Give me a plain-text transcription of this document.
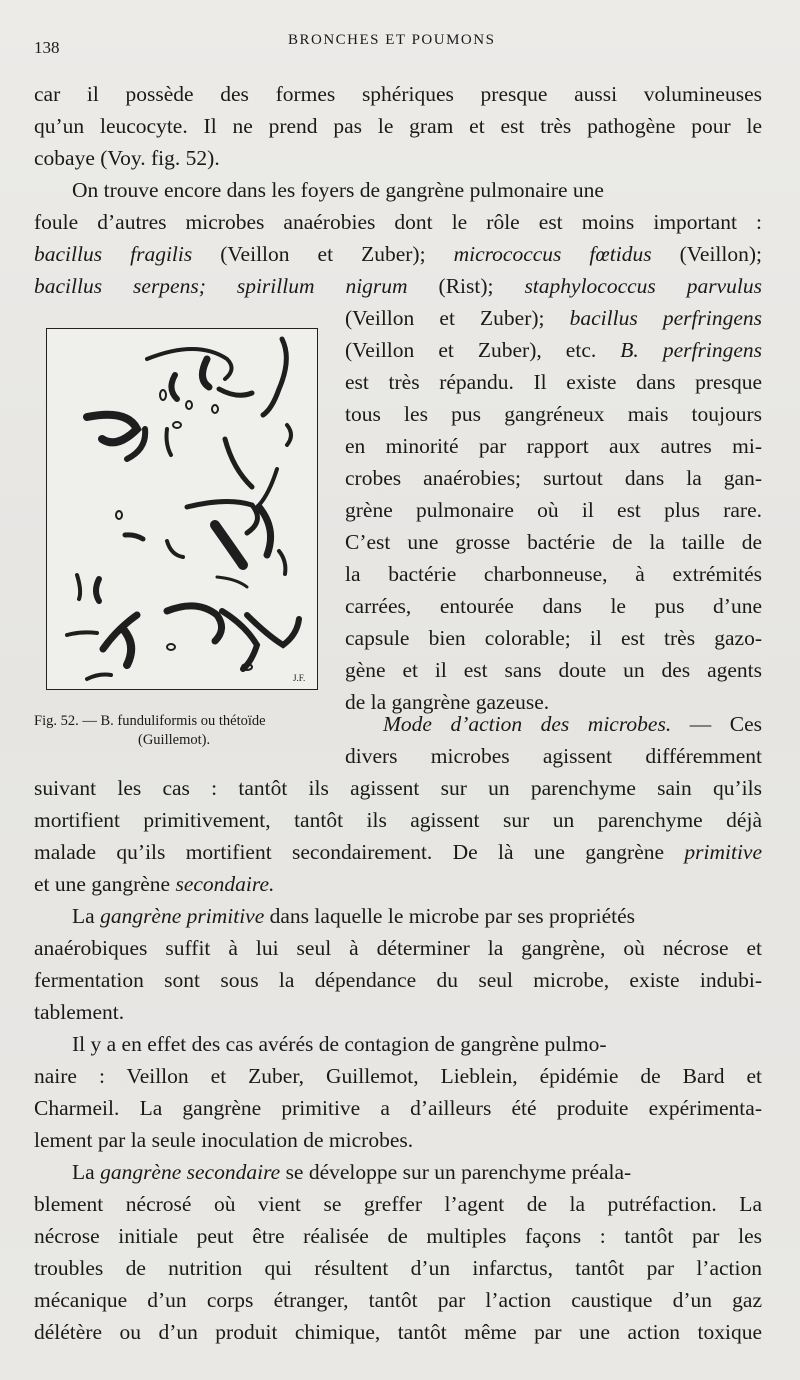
138	BRONCHES ET POUMONS
car il possède des formes sphériques presque aussi volumineuses
qu’un leucocyte. Il ne prend pas le gram et est très pathogène pour le
cobaye (Voy. fig. 52).
On trouve encore dans les foyers de gangrène pulmonaire une
foule d’autres microbes anaérobies dont le rôle est moins important :
bacillus fragilis (Veillon et Zuber); micrococcus fœtidus (Veillon);
bacillus serpens; spirillum nigrum (Rist); staphylococcus parvulus
(Veillon et Zuber); bacillus perfringens
(Veillon et Zuber), etc. B. perfringens
est très répandu. Il existe dans presque
tous les pus gangréneux mais toujours
en minorité par rapport aux autres mi-
crobes anaérobies; surtout dans la gan-
grène pulmonaire où il est plus rare.
C’est une grosse bactérie de la taille de
la bactérie charbonneuse, à extrémités
carrées, entourée dans le pus d’une
capsule bien colorable; il est très gazo-
gène et il est sans doute un des agents
de la gangrène gazeuse.
J.F.
Fig. 52. — B. funduliformis ou thétoïde
(Guillemot).
Mode d’action des microbes. — Ces
divers microbes agissent différemment
suivant les cas : tantôt ils agissent sur un parenchyme sain qu’ils
mortifient primitivement, tantôt ils agissent sur un parenchyme déjà
malade qu’ils mortifient secondairement. De là une gangrène primitive
et une gangrène secondaire.
La gangrène primitive dans laquelle le microbe par ses propriétés
anaérobiques suffit à lui seul à déterminer la gangrène, où nécrose et
fermentation sont sous la dépendance du seul microbe, existe indubi-
tablement.
Il y a en effet des cas avérés de contagion de gangrène pulmo-
naire : Veillon et Zuber, Guillemot, Lieblein, épidémie de Bard et
Charmeil. La gangrène primitive a d’ailleurs été produite expérimenta-
lement par la seule inoculation de microbes.
La gangrène secondaire se développe sur un parenchyme préala-
blement nécrosé où vient se greffer l’agent de la putréfaction. La
nécrose initiale peut être réalisée de multiples façons : tantôt par les
troubles de nutrition qui résultent d’un infarctus, tantôt par l’action
mécanique d’un corps étranger, tantôt par l’action caustique d’un gaz
délétère ou d’un produit chimique, tantôt même par une action toxique
